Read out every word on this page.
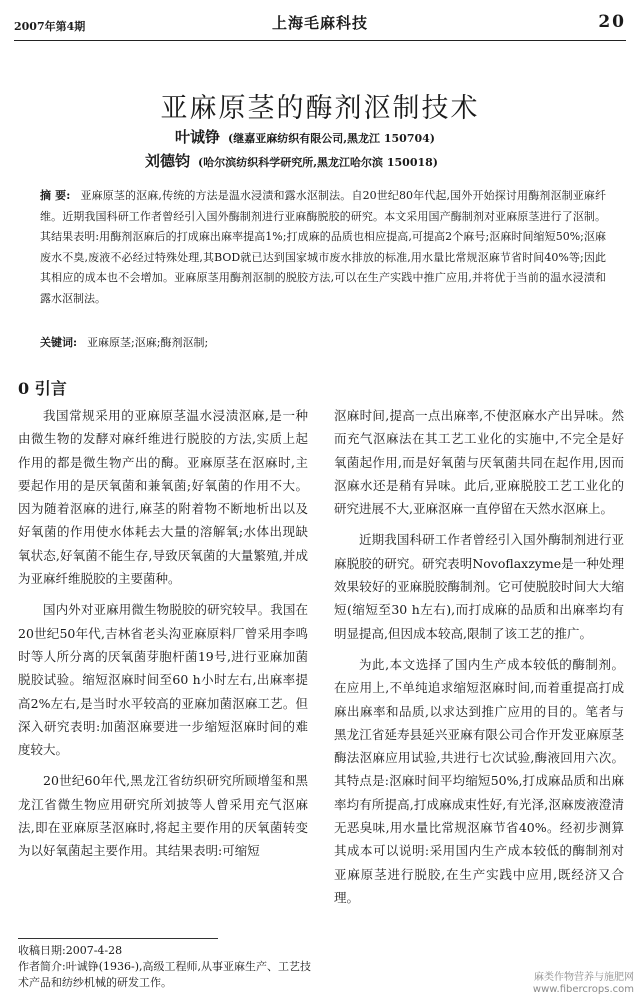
2007年第4期	上海毛麻科技	20
亚麻原茎的酶剂沤制技术
叶诚铮 (继嘉亚麻纺织有限公司,黑龙江 150704)
刘德钧 (哈尔滨纺织科学研究所,黑龙江哈尔滨 150018)
摘 要: 亚麻原茎的沤麻,传统的方法是温水浸渍和露水沤制法。自20世纪80年代起,国外开始探讨用酶剂沤制亚麻纤维。近期我国科研工作者曾经引入国外酶制剂进行亚麻酶脱胶的研究。本文采用国产酶制剂对亚麻原茎进行了沤制。其结果表明:用酶剂沤麻后的打成麻出麻率提高1%;打成麻的品质也相应提高,可提高2个麻号;沤麻时间缩短50%;沤麻废水不臭,废液不必经过特殊处理,其BOD就已达到国家城市废水排放的标准,用水量比常规沤麻节省时间40%等;因此其相应的成本也不会增加。亚麻原茎用酶剂沤制的脱胶方法,可以在生产实践中推广应用,并将优于当前的温水浸渍和露水沤制法。
关键词: 亚麻原茎;沤麻;酶剂沤制;
0 引言

我国常规采用的亚麻原茎温水浸渍沤麻,是一种由微生物的发酵对麻纤维进行脱胶的方法,实质上起作用的都是微生物产出的酶。亚麻原茎在沤麻时,主要起作用的是厌氧菌和兼氧菌;好氧菌的作用不大。因为随着沤麻的进行,麻茎的附着物不断地析出以及好氧菌的作用使水体耗去大量的溶解氧;水体出现缺氧状态,好氧菌不能生存,导致厌氧菌的大量繁殖,并成为亚麻纤维脱胶的主要菌种。

国内外对亚麻用微生物脱胶的研究较早。我国在20世纪50年代,吉林省老头沟亚麻原料厂曾采用李鸣时等人所分离的厌氧菌芽胞杆菌19号,进行亚麻加菌脱胶试验。缩短沤麻时间至60 h小时左右,出麻率提高2%左右,是当时水平较高的亚麻加菌沤麻工艺。但深入研究表明:加菌沤麻要进一步缩短沤麻时间的难度较大。

20世纪60年代,黑龙江省纺织研究所顾增玺和黑龙江省微生物应用研究所刘披等人曾采用充气沤麻法,即在亚麻原茎沤麻时,将起主要作用的厌氧菌转变为以好氧菌起主要作用。其结果表明:可缩短

沤麻时间,提高一点出麻率,不使沤麻水产出异味。然而充气沤麻法在其工艺工业化的实施中,不完全是好氧菌起作用,而是好氧菌与厌氧菌共同在起作用,因而沤麻水还是稍有异味。此后,亚麻脱胶工艺工业化的研究进展不大,亚麻沤麻一直停留在天然水沤麻上。

近期我国科研工作者曾经引入国外酶制剂进行亚麻脱胶的研究。研究表明Novoflaxzyme是一种处理效果较好的亚麻脱胶酶制剂。它可使脱胶时间大大缩短(缩短至30 h左右),而打成麻的品质和出麻率均有明显提高,但因成本较高,限制了该工艺的推广。

为此,本文选择了国内生产成本较低的酶制剂。在应用上,不单纯追求缩短沤麻时间,而着重提高打成麻出麻率和品质,以求达到推广应用的目的。笔者与黑龙江省延寿县延兴亚麻有限公司合作开发亚麻原茎酶法沤麻应用试验,共进行七次试验,酶液回用六次。其特点是:沤麻时间平均缩短50%,打成麻品质和出麻率均有所提高,打成麻成束性好,有光泽,沤麻废液澄清无恶臭味,用水量比常规沤麻节省40%。经初步测算其成本可以说明:采用国内生产成本较低的酶制剂对亚麻原茎进行脱胶,在生产实践中应用,既经济又合理。

收稿日期:2007-4-28
作者简介:叶诚铮(1936-),高级工程师,从事亚麻生产、工艺技术产品和纺纱机械的研发工作。	麻类作物营养与施肥网
www.fibercrops.com
